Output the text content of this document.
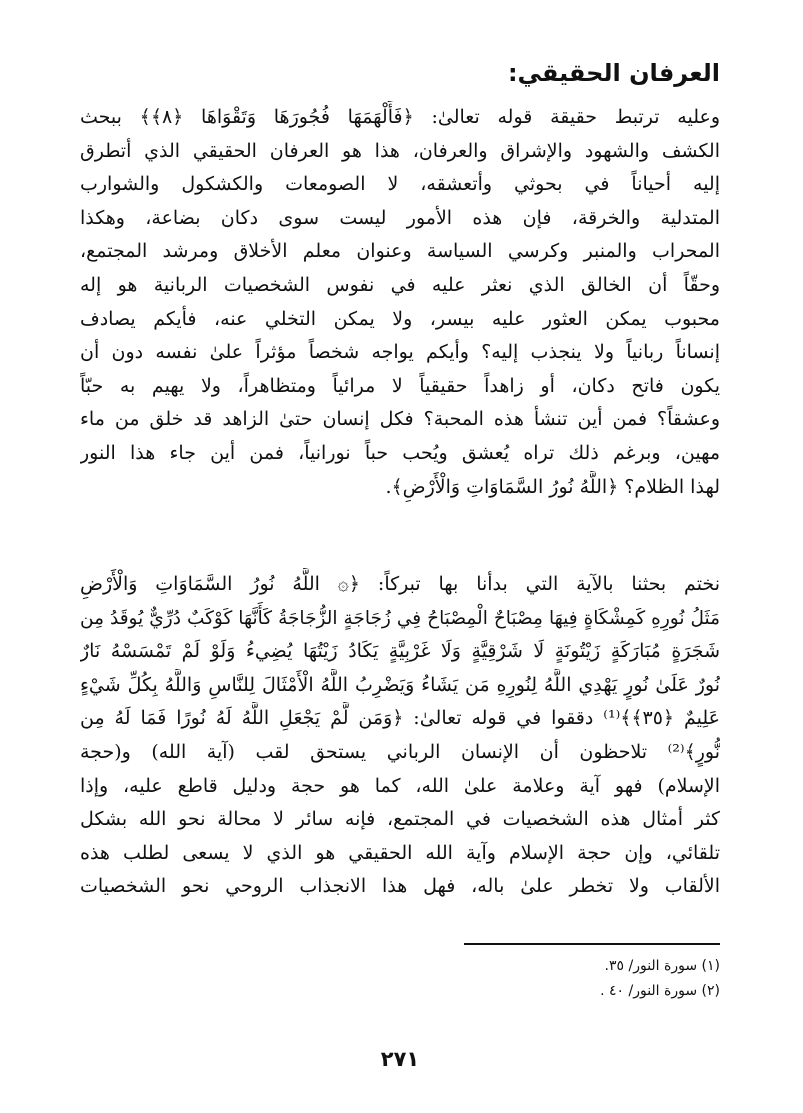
العرفان الحقيقي:

وعليه ترتبط حقيقة قوله تعالىٰ: ﴿فَأَلْهَمَهَا فُجُورَهَا وَتَقْوَاهَا ﴿٨﴾﴾ ببحث
الكشف والشهود والإشراق والعرفان، هذا هو العرفان الحقيقي الذي أتطرق
إليه أحياناً في بحوثي وأتعشقه، لا الصومعات والكشكول والشوارب
المتدلية والخرقة، فإن هذه الأمور ليست سوى دكان بضاعة، وهكذا
المحراب والمنبر وكرسي السياسة وعنوان معلم الأخلاق ومرشد المجتمع،
وحقّاً أن الخالق الذي نعثر عليه في نفوس الشخصيات الربانية هو إله
محبوب يمكن العثور عليه بيسر، ولا يمكن التخلي عنه، فأيكم يصادف
إنساناً ربانياً ولا ينجذب إليه؟ وأيكم يواجه شخصاً مؤثراً علىٰ نفسه دون أن
يكون فاتح دكان، أو زاهداً حقيقياً لا مرائياً ومتظاهراً، ولا يهيم به حبّاً
وعشقاً؟ فمن أين تنشأ هذه المحبة؟ فكل إنسان حتىٰ الزاهد قد خلق من ماء
مهين، وبرغم ذلك تراه يُعشق ويُحب حباً نورانياً، فمن أين جاء هذا النور
لهذا الظلام؟ ﴿اللَّهُ نُورُ السَّمَاوَاتِ وَالْأَرْضِ﴾.

نختم بحثنا بالآية التي بدأنا بها تبركاً: ﴿۞ اللَّهُ نُورُ السَّمَاوَاتِ وَالْأَرْضِ
مَثَلُ نُورِهِ كَمِشْكَاةٍ فِيهَا مِصْبَاحٌ الْمِصْبَاحُ فِي زُجَاجَةٍ الزُّجَاجَةُ كَأَنَّهَا كَوْكَبٌ دُرِّيٌّ يُوقَدُ مِن
شَجَرَةٍ مُبَارَكَةٍ زَيْتُونَةٍ لَا شَرْقِيَّةٍ وَلَا غَرْبِيَّةٍ يَكَادُ زَيْتُهَا يُضِيءُ وَلَوْ لَمْ تَمْسَسْهُ نَارٌ
نُورٌ عَلَىٰ نُورٍ يَهْدِي اللَّهُ لِنُورِهِ مَن يَشَاءُ وَيَضْرِبُ اللَّهُ الْأَمْثَالَ لِلنَّاسِ وَاللَّهُ بِكُلِّ شَيْءٍ
عَلِيمٌ ﴿٣٥﴾﴾⁽¹⁾ دققوا في قوله تعالىٰ: ﴿وَمَن لَّمْ يَجْعَلِ اللَّهُ لَهُ نُورًا فَمَا لَهُ مِن
نُّورٍ﴾⁽²⁾ تلاحظون أن الإنسان الرباني يستحق لقب (آية الله) و(حجة
الإسلام) فهو آية وعلامة علىٰ الله، كما هو حجة ودليل قاطع عليه، وإذا
كثر أمثال هذه الشخصيات في المجتمع، فإنه سائر لا محالة نحو الله بشكل
تلقائي، وإن حجة الإسلام وآية الله الحقيقي هو الذي لا يسعى لطلب هذه
الألقاب ولا تخطر علىٰ باله، فهل هذا الانجذاب الروحي نحو الشخصيات

(١) سورة النور/ ٣٥.
(٢) سورة النور/ ٤٠ .
٢٧١
